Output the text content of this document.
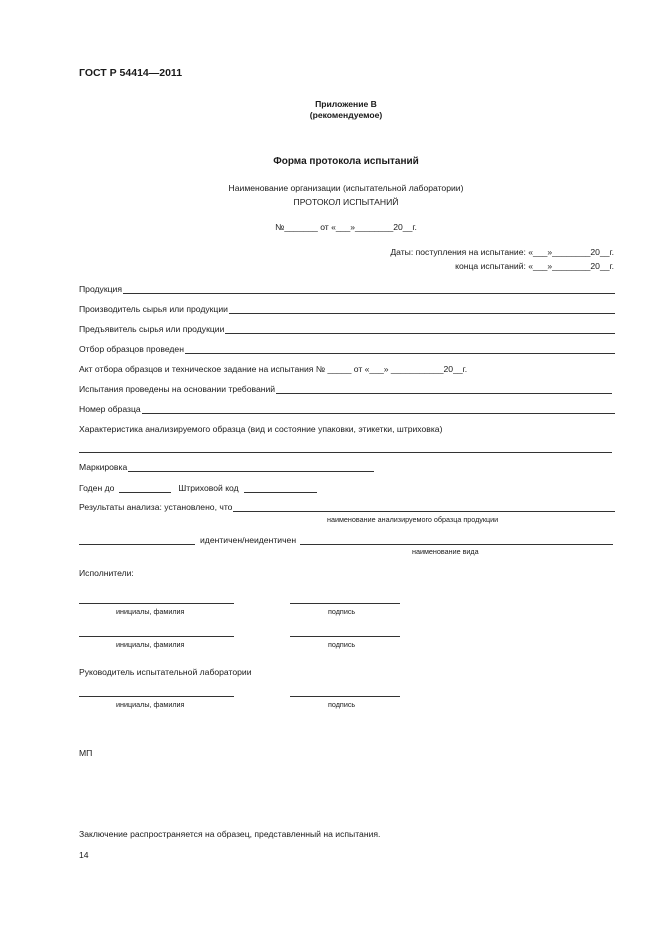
ГОСТ Р 54414—2011
Приложение В
(рекомендуемое)
Форма протокола испытаний
Наименование организации (испытательной лаборатории)
ПРОТОКОЛ ИСПЫТАНИЙ
№_______ от «___»________20__г.
Даты: поступления на испытание: «___»________20__г.
конца испытаний: «___»________20__г.
Продукция
Производитель сырья или продукции
Предъявитель сырья или продукции
Отбор образцов проведен
Акт отбора образцов и техническое задание на испытания № _____ от «___» ___________20__г.
Испытания проведены на основании требований
Номер образца
Характеристика анализируемого образца (вид и состояние упаковки, этикетки, штриховка)
Маркировка
Годен до	Штриховой код
Результаты анализа: установлено, что
наименование анализируемого образца продукции
идентичен/неидентичен
наименование вида
Исполнители:
инициалы, фамилия	подпись
инициалы, фамилия	подпись
Руководитель испытательной лаборатории
инициалы, фамилия	подпись
МП
Заключение распространяется на образец, представленный на испытания.
14
